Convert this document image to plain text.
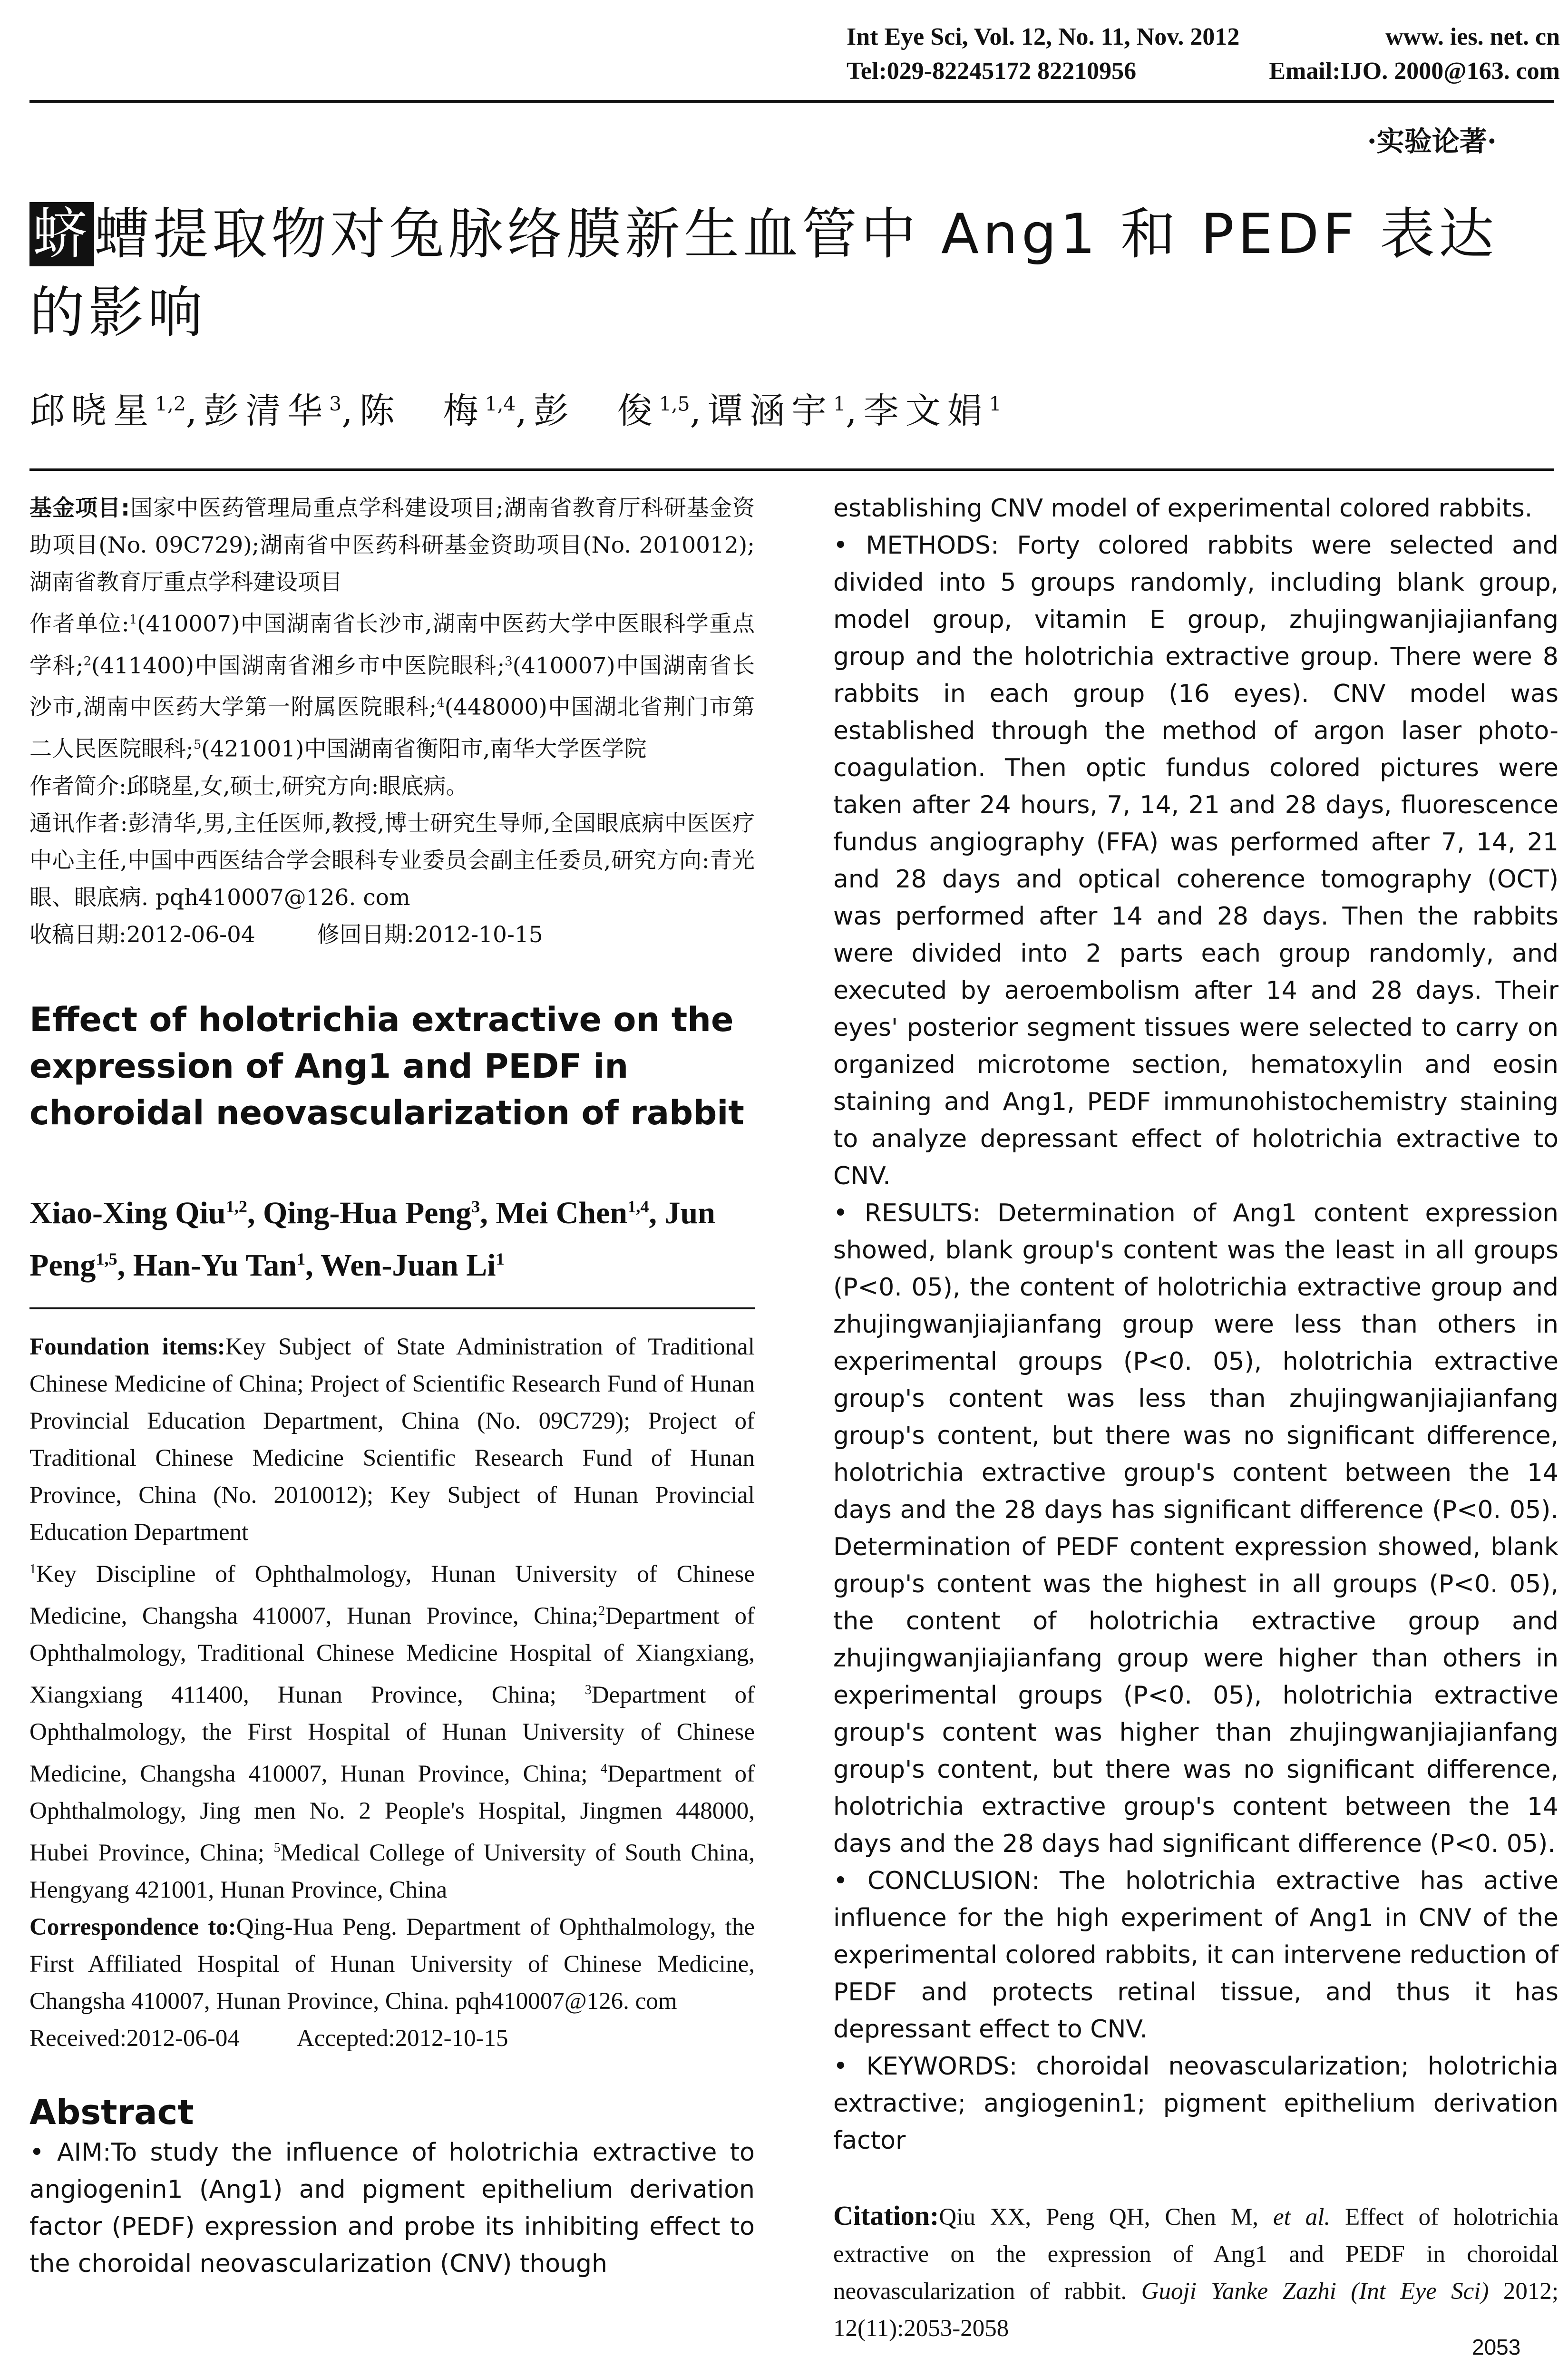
Int Eye Sci, Vol. 12, No. 11, Nov. 2012	www. ies. net. cn
Tel:029-82245172 82210956	Email:IJO. 2000@163. com
·实验论著·
蛴螬提取物对兔脉络膜新生血管中 Ang1 和 PEDF 表达的影响
邱晓星$^{1,2}$,彭清华$^3$,陈　梅$^{1,4}$,彭　俊$^{1,5}$,谭涵宇$^1$,李文娟$^1$

基金项目:国家中医药管理局重点学科建设项目;湖南省教育厅科研基金资助项目(No. 09C729);湖南省中医药科研基金资助项目(No. 2010012);湖南省教育厅重点学科建设项目

作者单位:$^1$(410007)中国湖南省长沙市,湖南中医药大学中医眼科学重点学科;$^2$(411400)中国湖南省湘乡市中医院眼科;$^3$(410007)中国湖南省长沙市,湖南中医药大学第一附属医院眼科;$^4$(448000)中国湖北省荆门市第二人民医院眼科;$^5$(421001)中国湖南省衡阳市,南华大学医学院

作者简介:邱晓星,女,硕士,研究方向:眼底病。

通讯作者:彭清华,男,主任医师,教授,博士研究生导师,全国眼底病中医医疗中心主任,中国中西医结合学会眼科专业委员会副主任委员,研究方向:青光眼、眼底病. pqh410007@126. com

收稿日期:2012-06-04	修回日期:2012-10-15

Effect of holotrichia extractive on the expression of Ang1 and PEDF in choroidal neovascularization of rabbit
Xiao-Xing Qiu$^{1,2}$, Qing-Hua Peng$^3$, Mei Chen$^{1,4}$, Jun Peng$^{1,5}$, Han-Yu Tan$^1$, Wen-Juan Li$^1$

Foundation items:Key Subject of State Administration of Traditional Chinese Medicine of China; Project of Scientific Research Fund of Hunan Provincial Education Department, China (No. 09C729); Project of Traditional Chinese Medicine Scientific Research Fund of Hunan Province, China (No. 2010012); Key Subject of Hunan Provincial Education Department

$^1$Key Discipline of Ophthalmology, Hunan University of Chinese Medicine, Changsha 410007, Hunan Province, China;$^2$Department of Ophthalmology, Traditional Chinese Medicine Hospital of Xiangxiang, Xiangxiang 411400, Hunan Province, China; $^3$Department of Ophthalmology, the First Hospital of Hunan University of Chinese Medicine, Changsha 410007, Hunan Province, China; $^4$Department of Ophthalmology, Jing men No. 2 People's Hospital, Jingmen 448000, Hubei Province, China; $^5$Medical College of University of South China, Hengyang 421001, Hunan Province, China

Correspondence to:Qing-Hua Peng. Department of Ophthalmology, the First Affiliated Hospital of Hunan University of Chinese Medicine, Changsha 410007, Hunan Province, China. pqh410007@126. com

Received:2012-06-04 Accepted:2012-10-15

Abstract

• AIM:To study the influence of holotrichia extractive to angiogenin1 (Ang1) and pigment epithelium derivation factor (PEDF) expression and probe its inhibiting effect to the choroidal neovascularization (CNV) though

establishing CNV model of experimental colored rabbits.

• METHODS: Forty colored rabbits were selected and divided into 5 groups randomly, including blank group, model group, vitamin E group, zhujingwanjiajianfang group and the holotrichia extractive group. There were 8 rabbits in each group (16 eyes). CNV model was established through the method of argon laser photo-coagulation. Then optic fundus colored pictures were taken after 24 hours, 7, 14, 21 and 28 days, fluorescence fundus angiography (FFA) was performed after 7, 14, 21 and 28 days and optical coherence tomography (OCT) was performed after 14 and 28 days. Then the rabbits were divided into 2 parts each group randomly, and executed by aeroembolism after 14 and 28 days. Their eyes' posterior segment tissues were selected to carry on organized microtome section, hematoxylin and eosin staining and Ang1, PEDF immunohistochemistry staining to analyze depressant effect of holotrichia extractive to CNV.

• RESULTS: Determination of Ang1 content expression showed, blank group's content was the least in all groups (P<0. 05), the content of holotrichia extractive group and zhujingwanjiajianfang group were less than others in experimental groups (P<0. 05), holotrichia extractive group's content was less than zhujingwanjiajianfang group's content, but there was no significant difference, holotrichia extractive group's content between the 14 days and the 28 days has significant difference (P<0. 05). Determination of PEDF content expression showed, blank group's content was the highest in all groups (P<0. 05), the content of holotrichia extractive group and zhujingwanjiajianfang group were higher than others in experimental groups (P<0. 05), holotrichia extractive group's content was higher than zhujingwanjiajianfang group's content, but there was no significant difference, holotrichia extractive group's content between the 14 days and the 28 days had significant difference (P<0. 05).

• CONCLUSION: The holotrichia extractive has active influence for the high experiment of Ang1 in CNV of the experimental colored rabbits, it can intervene reduction of PEDF and protects retinal tissue, and thus it has depressant effect to CNV.

• KEYWORDS: choroidal neovascularization; holotrichia extractive; angiogenin1; pigment epithelium derivation factor

Citation:Qiu XX, Peng QH, Chen M, et al. Effect of holotrichia extractive on the expression of Ang1 and PEDF in choroidal neovascularization of rabbit. Guoji Yanke Zazhi (Int Eye Sci) 2012; 12(11):2053-2058
2053
